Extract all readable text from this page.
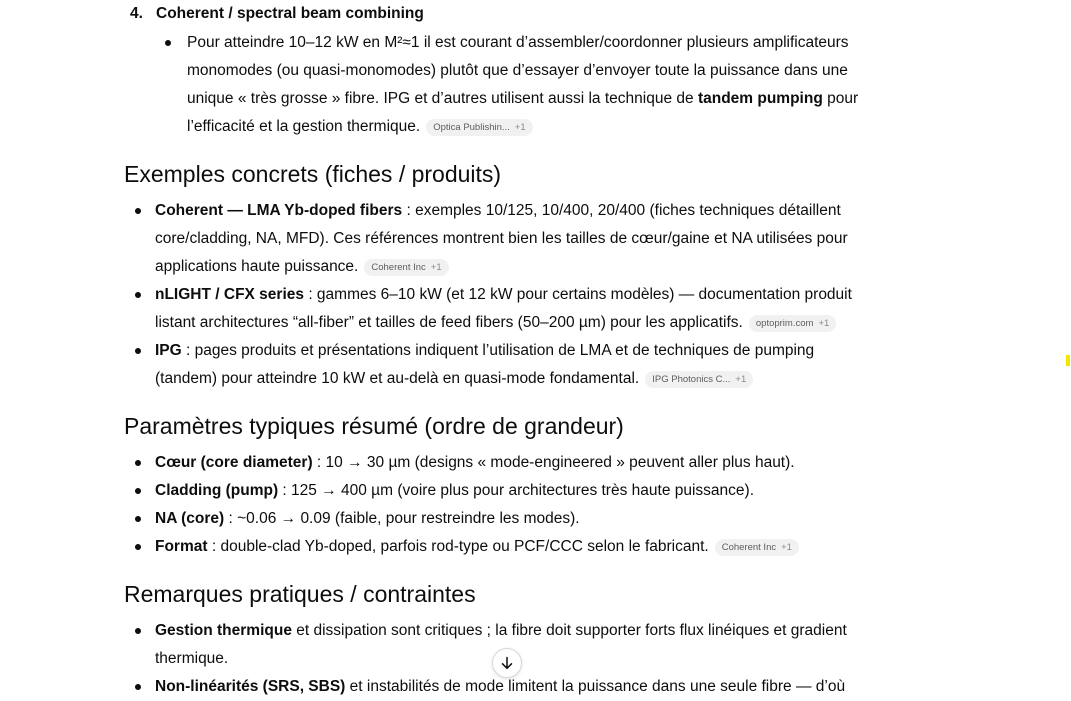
4. Coherent / spectral beam combining
Pour atteindre 10–12 kW en M²≈1 il est courant d’assembler/coordonner plusieurs amplificateurs monomodes (ou quasi-monomodes) plutôt que d’essayer d’envoyer toute la puissance dans une unique « très grosse » fibre. IPG et d’autres utilisent aussi la technique de tandem pumping pour l’efficacité et la gestion thermique. Optica Publishin... +1
Exemples concrets (fiches / produits)
Coherent — LMA Yb-doped fibers : exemples 10/125, 10/400, 20/400 (fiches techniques détaillent core/cladding, NA, MFD). Ces références montrent bien les tailles de cœur/gaine et NA utilisées pour applications haute puissance. Coherent Inc +1
nLIGHT / CFX series : gammes 6–10 kW (et 12 kW pour certains modèles) — documentation produit listant architectures “all-fiber” et tailles de feed fibers (50–200 µm) pour les applicatifs. optoprim.com +1
IPG : pages produits et présentations indiquent l’utilisation de LMA et de techniques de pumping (tandem) pour atteindre 10 kW et au-delà en quasi-mode fondamental. IPG Photonics C... +1
Paramètres typiques résumé (ordre de grandeur)
Cœur (core diameter) : 10 → 30 µm (designs « mode-engineered » peuvent aller plus haut).
Cladding (pump) : 125 → 400 µm (voire plus pour architectures très haute puissance).
NA (core) : ~0.06 → 0.09 (faible, pour restreindre les modes).
Format : double-clad Yb-doped, parfois rod-type ou PCF/CCC selon le fabricant. Coherent Inc +1
Remarques pratiques / contraintes
Gestion thermique et dissipation sont critiques ; la fibre doit supporter forts flux linéiques et gradient thermique.
Non-linéarités (SRS, SBS) et instabilités de mode limitent la puissance dans une seule fibre — d’où
